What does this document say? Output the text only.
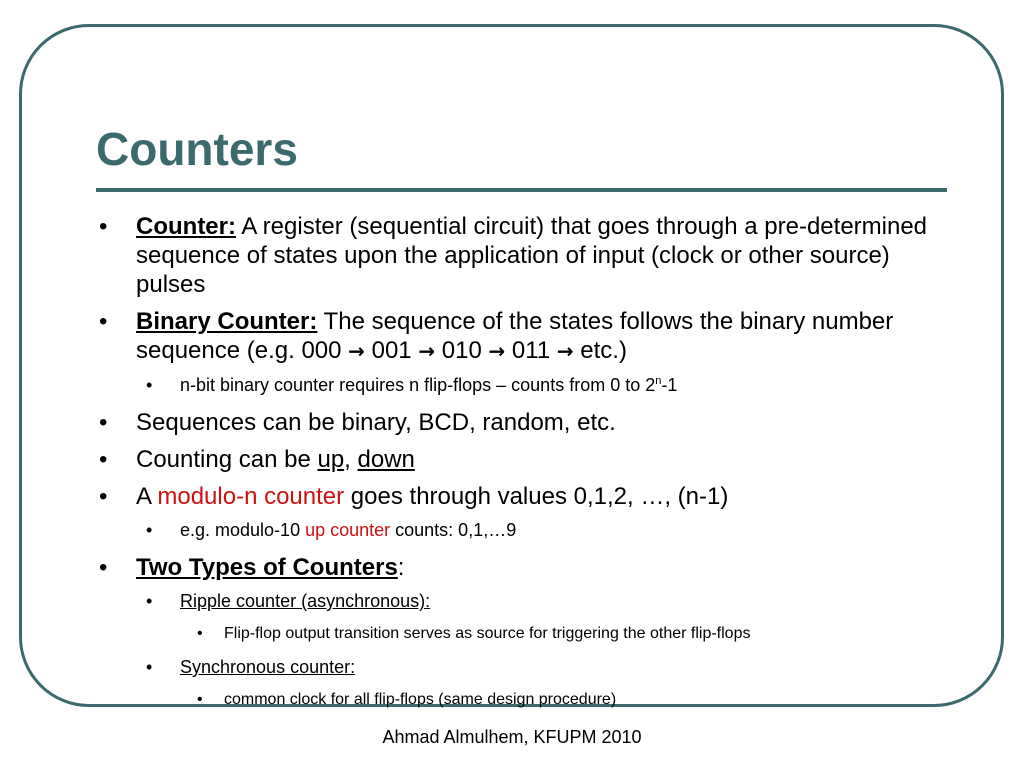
Counters

• Counter: A register (sequential circuit) that goes through a pre-determined sequence of states upon the application of input (clock or other source) pulses

• Binary Counter: The sequence of the states follows the binary number sequence (e.g. 000 → 001 → 010 → 011 → etc.)

• n-bit binary counter requires n flip-flops – counts from 0 to 2$^n$-1

• Sequences can be binary, BCD, random, etc.

• Counting can be up, down

• A modulo-n counter goes through values 0,1,2, …, (n-1)

• e.g. modulo-10 up counter counts: 0,1,…9

• Two Types of Counters:

• Ripple counter (asynchronous):

• Flip-flop output transition serves as source for triggering the other flip-flops

• Synchronous counter:

• common clock for all flip-flops (same design procedure)

Ahmad Almulhem, KFUPM 2010
